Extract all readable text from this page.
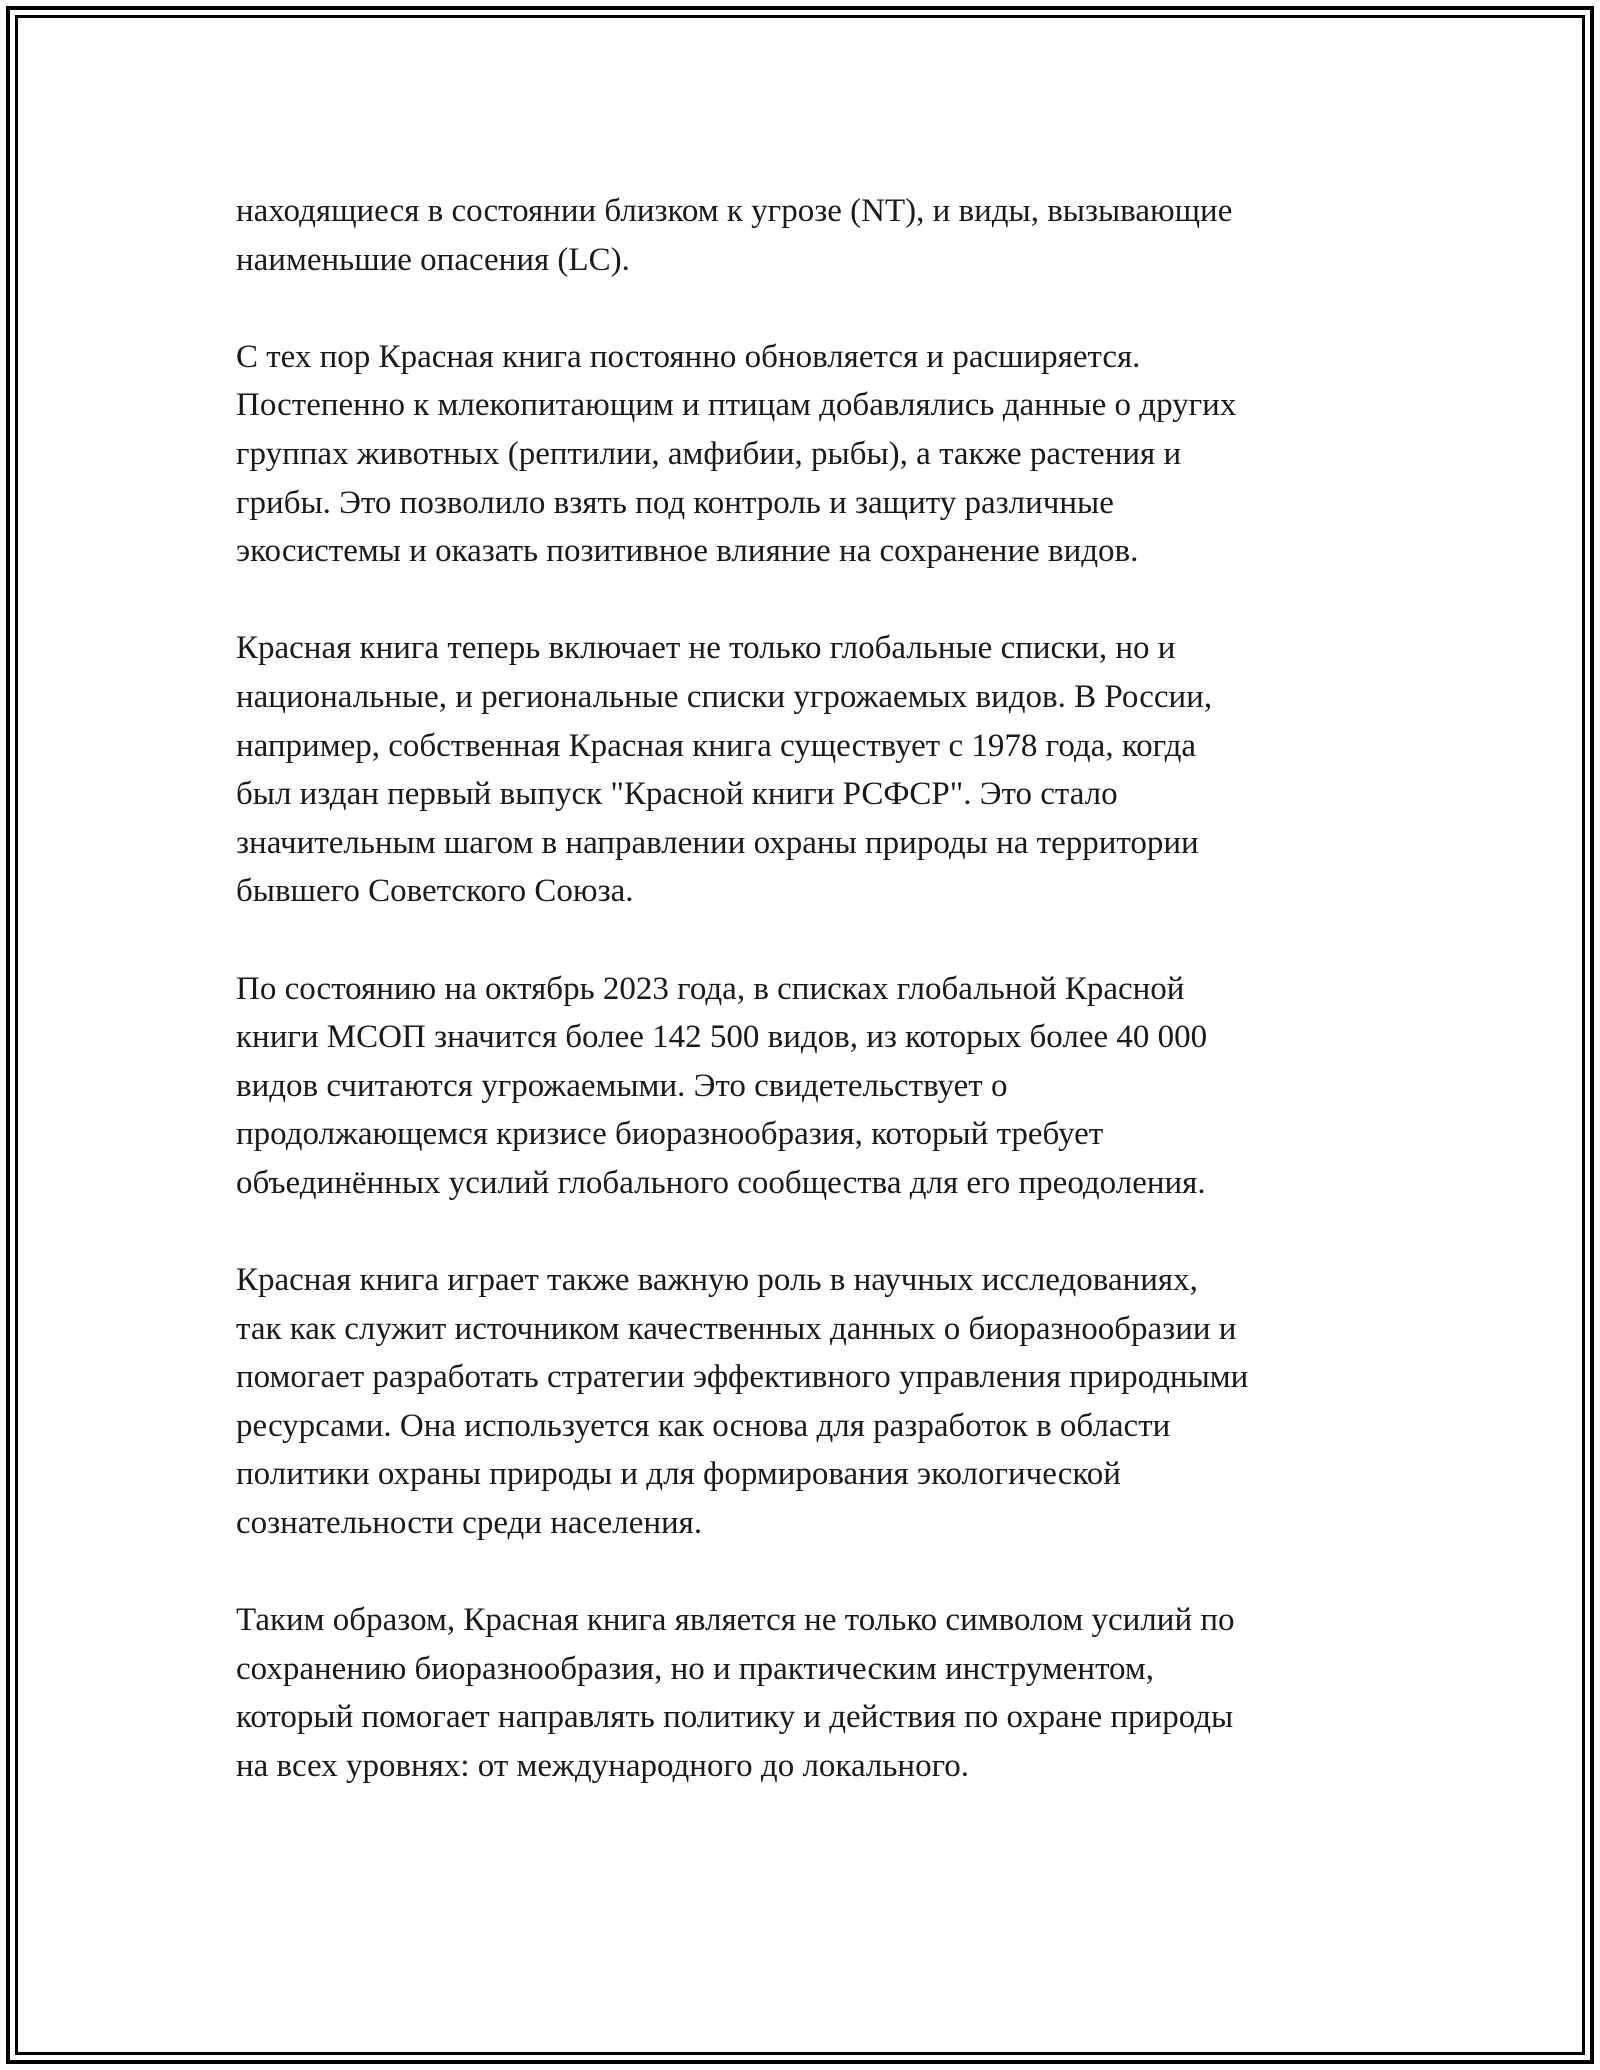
находящиеся в состоянии близком к угрозе (NT), и виды, вызывающие
наименьшие опасения (LC).

С тех пор Красная книга постоянно обновляется и расширяется.
Постепенно к млекопитающим и птицам добавлялись данные о других
группах животных (рептилии, амфибии, рыбы), а также растения и
грибы. Это позволило взять под контроль и защиту различные
экосистемы и оказать позитивное влияние на сохранение видов.

Красная книга теперь включает не только глобальные списки, но и
национальные, и региональные списки угрожаемых видов. В России,
например, собственная Красная книга существует с 1978 года, когда
был издан первый выпуск "Красной книги РСФСР". Это стало
значительным шагом в направлении охраны природы на территории
бывшего Советского Союза.

По состоянию на октябрь 2023 года, в списках глобальной Красной
книги МСОП значится более 142 500 видов, из которых более 40 000
видов считаются угрожаемыми. Это свидетельствует о
продолжающемся кризисе биоразнообразия, который требует
объединённых усилий глобального сообщества для его преодоления.

Красная книга играет также важную роль в научных исследованиях,
так как служит источником качественных данных о биоразнообразии и
помогает разработать стратегии эффективного управления природными
ресурсами. Она используется как основа для разработок в области
политики охраны природы и для формирования экологической
сознательности среди населения.

Таким образом, Красная книга является не только символом усилий по
сохранению биоразнообразия, но и практическим инструментом,
который помогает направлять политику и действия по охране природы
на всех уровнях: от международного до локального.
